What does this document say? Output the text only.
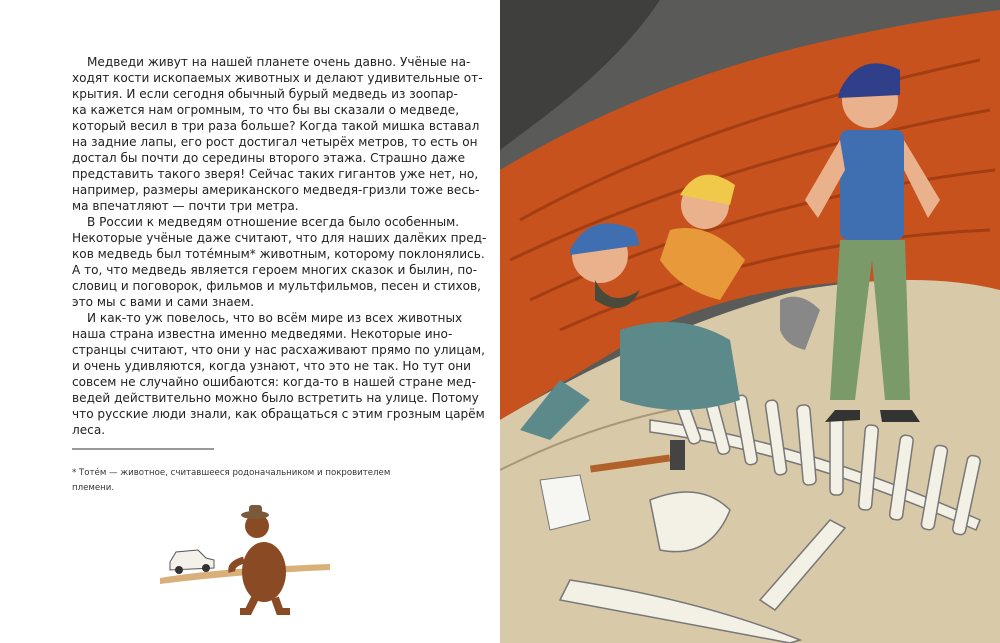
Медведи живут на нашей планете очень давно. Учёные на-
ходят кости ископаемых животных и делают удивительные от-
крытия. И если сегодня обычный бурый медведь из зоопар-
ка кажется нам огромным, то что бы вы сказали о медведе,
который весил в три раза больше? Когда такой мишка вставал
на задние лапы, его рост достигал четырёх метров, то есть он
достал бы почти до середины второго этажа. Страшно даже
представить такого зверя! Сейчас таких гигантов уже нет, но,
например, размеры американского медведя-гризли тоже весь-
ма впечатляют — почти три метра.
В России к медведям отношение всегда было особенным.
Некоторые учёные даже считают, что для наших далёких пред-
ков медведь был тотéмным* животным, которому поклонялись.
А то, что медведь является героем многих сказок и былин, по-
словиц и поговорок, фильмов и мультфильмов, песен и стихов,
это мы с вами и сами знаем.
И как-то уж повелось, что во всём мире из всех животных
наша страна известна именно медведями. Некоторые ино-
странцы считают, что они у нас расхаживают прямо по улицам,
и очень удивляются, когда узнают, что это не так. Но тут они
совсем не случайно ошибаются: когда-то в нашей стране мед-
ведей действительно можно было встретить на улице. Потому
что русские люди знали, как обращаться с этим грозным царём
леса.
* Тотéм — животное, считавшееся родоначальником и покровителем
племени.
